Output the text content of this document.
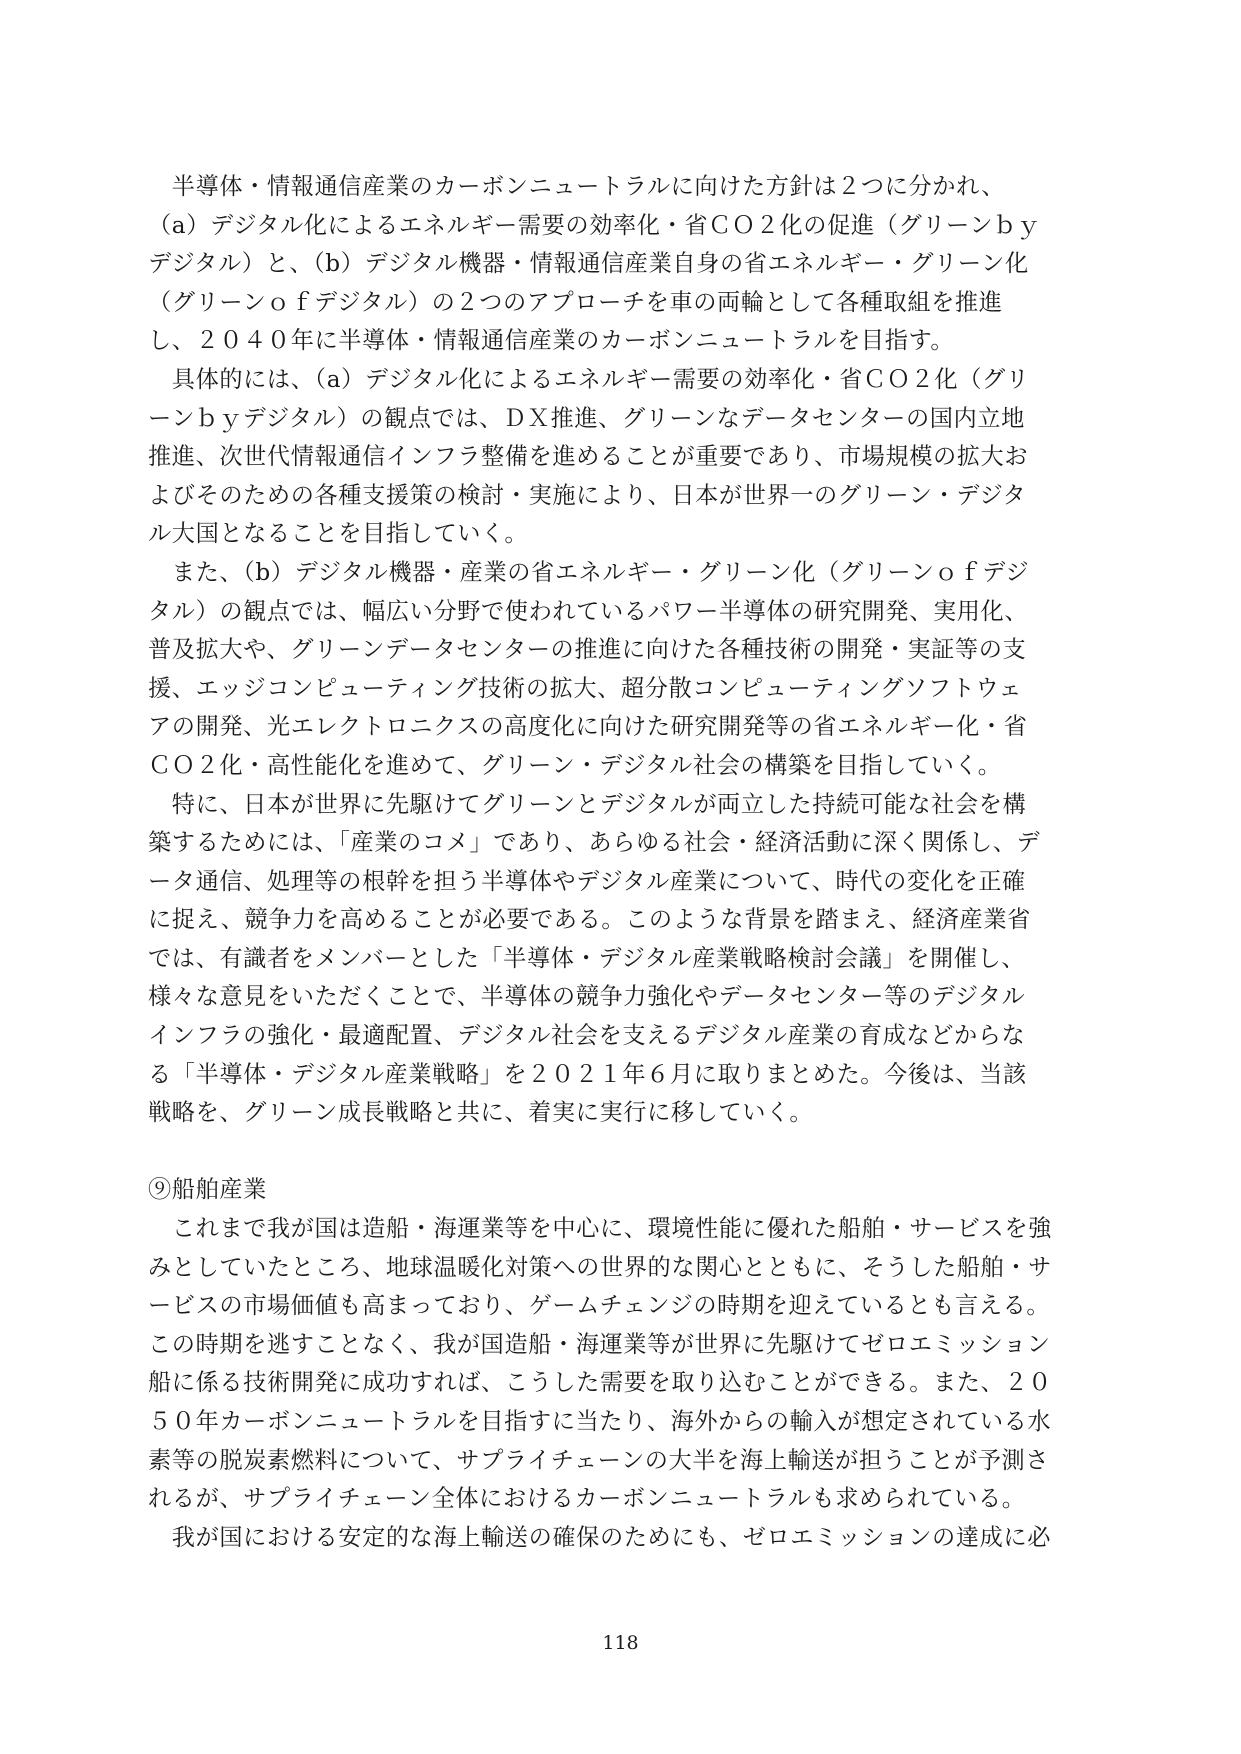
　半導体・情報通信産業のカーボンニュートラルに向けた方針は２つに分かれ、
（a）デジタル化によるエネルギー需要の効率化・省ＣＯ２化の促進（グリーンｂｙ
デジタル）と、（b）デジタル機器・情報通信産業自身の省エネルギー・グリーン化
（グリーンｏｆデジタル）の２つのアプローチを車の両輪として各種取組を推進
し、２０４０年に半導体・情報通信産業のカーボンニュートラルを目指す。
　具体的には、（a）デジタル化によるエネルギー需要の効率化・省ＣＯ２化（グリ
ーンｂｙデジタル）の観点では、ＤＸ推進、グリーンなデータセンターの国内立地
推進、次世代情報通信インフラ整備を進めることが重要であり、市場規模の拡大お
よびそのための各種支援策の検討・実施により、日本が世界一のグリーン・デジタ
ル大国となることを目指していく。
　また、（b）デジタル機器・産業の省エネルギー・グリーン化（グリーンｏｆデジ
タル）の観点では、幅広い分野で使われているパワー半導体の研究開発、実用化、
普及拡大や、グリーンデータセンターの推進に向けた各種技術の開発・実証等の支
援、エッジコンピューティング技術の拡大、超分散コンピューティングソフトウェ
アの開発、光エレクトロニクスの高度化に向けた研究開発等の省エネルギー化・省
ＣＯ２化・高性能化を進めて、グリーン・デジタル社会の構築を目指していく。
　特に、日本が世界に先駆けてグリーンとデジタルが両立した持続可能な社会を構
築するためには、「産業のコメ」であり、あらゆる社会・経済活動に深く関係し、デ
ータ通信、処理等の根幹を担う半導体やデジタル産業について、時代の変化を正確
に捉え、競争力を高めることが必要である。このような背景を踏まえ、経済産業省
では、有識者をメンバーとした「半導体・デジタル産業戦略検討会議」を開催し、
様々な意見をいただくことで、半導体の競争力強化やデータセンター等のデジタル
インフラの強化・最適配置、デジタル社会を支えるデジタル産業の育成などからな
る「半導体・デジタル産業戦略」を２０２１年６月に取りまとめた。今後は、当該
戦略を、グリーン成長戦略と共に、着実に実行に移していく。
⑨船舶産業
　これまで我が国は造船・海運業等を中心に、環境性能に優れた船舶・サービスを強
みとしていたところ、地球温暖化対策への世界的な関心とともに、そうした船舶・サ
ービスの市場価値も高まっており、ゲームチェンジの時期を迎えているとも言える。
この時期を逃すことなく、我が国造船・海運業等が世界に先駆けてゼロエミッション
船に係る技術開発に成功すれば、こうした需要を取り込むことができる。また、２０
５０年カーボンニュートラルを目指すに当たり、海外からの輸入が想定されている水
素等の脱炭素燃料について、サプライチェーンの大半を海上輸送が担うことが予測さ
れるが、サプライチェーン全体におけるカーボンニュートラルも求められている。
　我が国における安定的な海上輸送の確保のためにも、ゼロエミッションの達成に必
118
